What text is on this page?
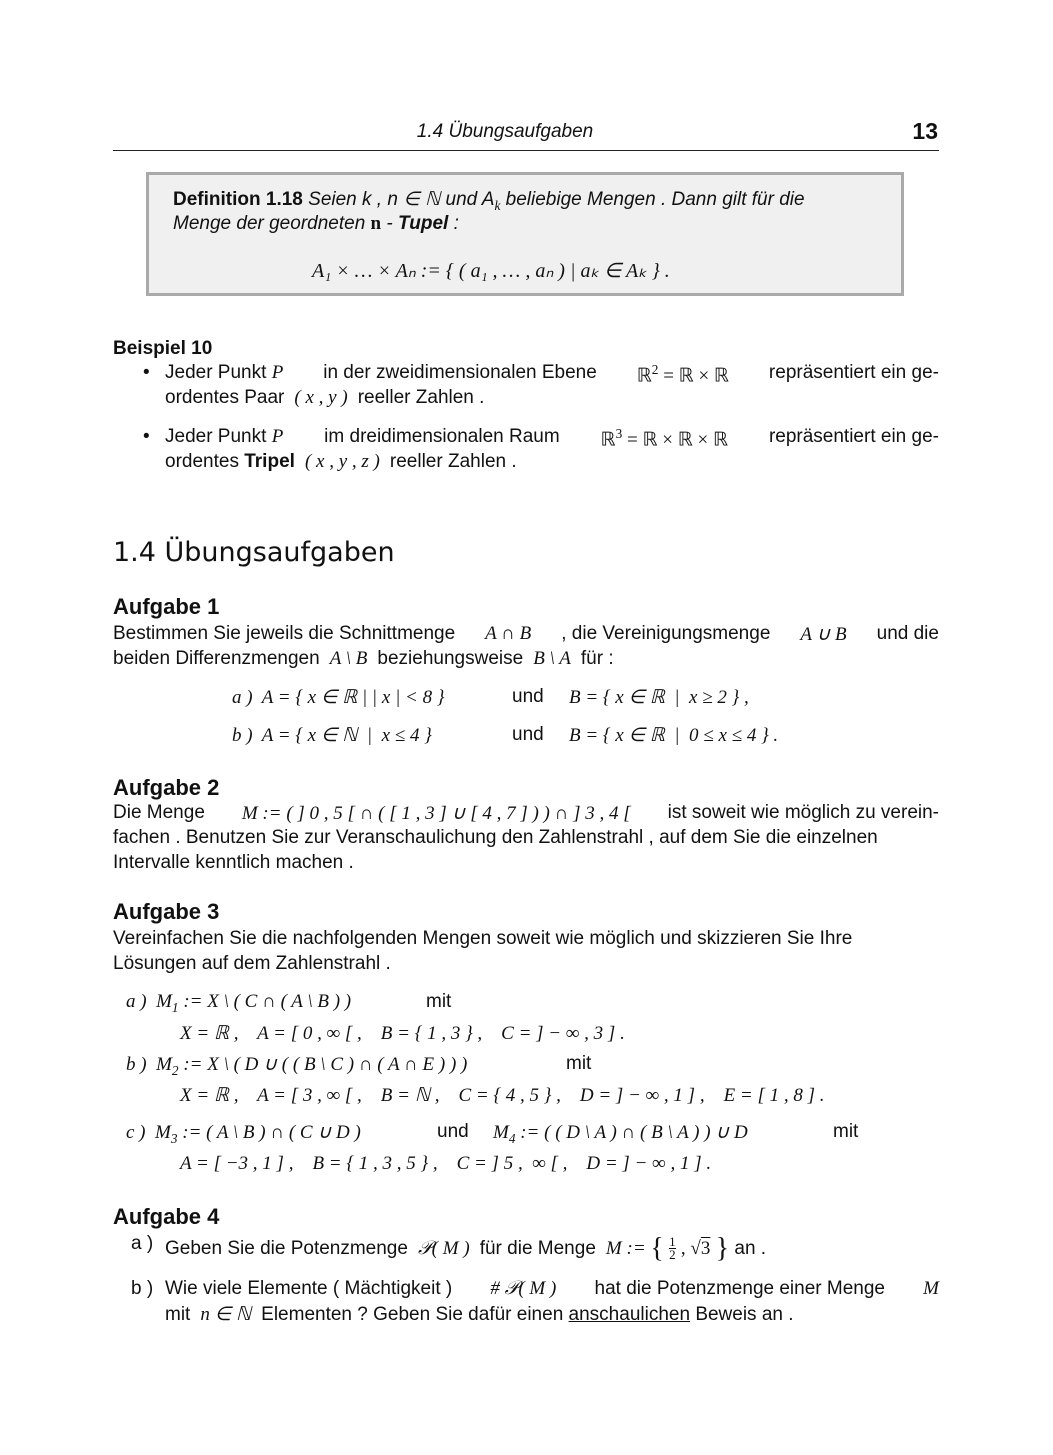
1.4 Übungsaufgaben	13
Definition 1.18 Seien k , n ∈ ℕ und $A_k$ beliebige Mengen . Dann gilt für die
Menge der geordneten n - Tupel :
A₁ × … × Aₙ := { ( a₁ , … , aₙ ) | aₖ ∈ Aₖ } .
Beispiel 10
• Jeder Punkt P in der zweidimensionalen Ebene ℝ$^2$ = ℝ × ℝ repräsentiert ein ge-
ordentes Paar  ( x , y )  reeller Zahlen .
• Jeder Punkt P im dreidimensionalen Raum ℝ$^3$ = ℝ × ℝ × ℝ repräsentiert ein ge-
ordentes Tripel  ( x , y , z )  reeller Zahlen .
1.4 Übungsaufgaben
Aufgabe 1
Bestimmen Sie jeweils die Schnittmenge A ∩ B , die Vereinigungsmenge A ∪ B und die
beiden Differenzmengen  A \ B  beziehungsweise  B \ A  für :
a )  A = { x ∈ ℝ | | x | < 8 }	und B = { x ∈ ℝ  |  x ≥ 2 } ,
b )  A = { x ∈ ℕ  |  x ≤ 4 }	und B = { x ∈ ℝ  |  0 ≤ x ≤ 4 } .
Aufgabe 2
Die Menge M := ( ] 0 , 5 [ ∩ ( [ 1 , 3 ] ∪ [ 4 , 7 ] ) ) ∩ ] 3 , 4 [ ist soweit wie möglich zu verein-
fachen . Benutzen Sie zur Veranschaulichung den Zahlenstrahl , auf dem Sie die einzelnen
Intervalle kenntlich machen .
Aufgabe 3
Vereinfachen Sie die nachfolgenden Mengen soweit wie möglich und skizzieren Sie Ihre
Lösungen auf dem Zahlenstrahl .
a )  $M_1$ := X \ ( C ∩ ( A \ B ) )	mit
X = ℝ ,    A = [ 0 , ∞ [ ,    B = { 1 , 3 } ,    C = ] − ∞ , 3 ] .
b )  $M_2$ := X \ ( D ∪ ( ( B \ C ) ∩ ( A ∩ E ) ) )	mit
X = ℝ ,    A = [ 3 , ∞ [ ,    B = ℕ ,    C = { 4 , 5 } ,    D = ] − ∞ , 1 ] ,    E = [ 1 , 8 ] .
c )  $M_3$ := ( A \ B ) ∩ ( C ∪ D )	und $M_4$ := ( ( D \ A ) ∩ ( B \ A ) ) ∪ D	mit
A = [ −3 , 1 ] ,    B = { 1 , 3 , 5 } ,    C = ] 5 ,  ∞ [ ,    D = ] − ∞ , 1 ] .
Aufgabe 4
a ) Geben Sie die Potenzmenge  𝒫( M )  für die Menge  M := { $\frac{1}{2}$ , √3 } an .
b ) Wie viele Elemente ( Mächtigkeit ) # 𝒫( M ) hat die Potenzmenge einer Menge M
mit  n ∈ ℕ  Elementen ? Geben Sie dafür einen anschaulichen Beweis an .
